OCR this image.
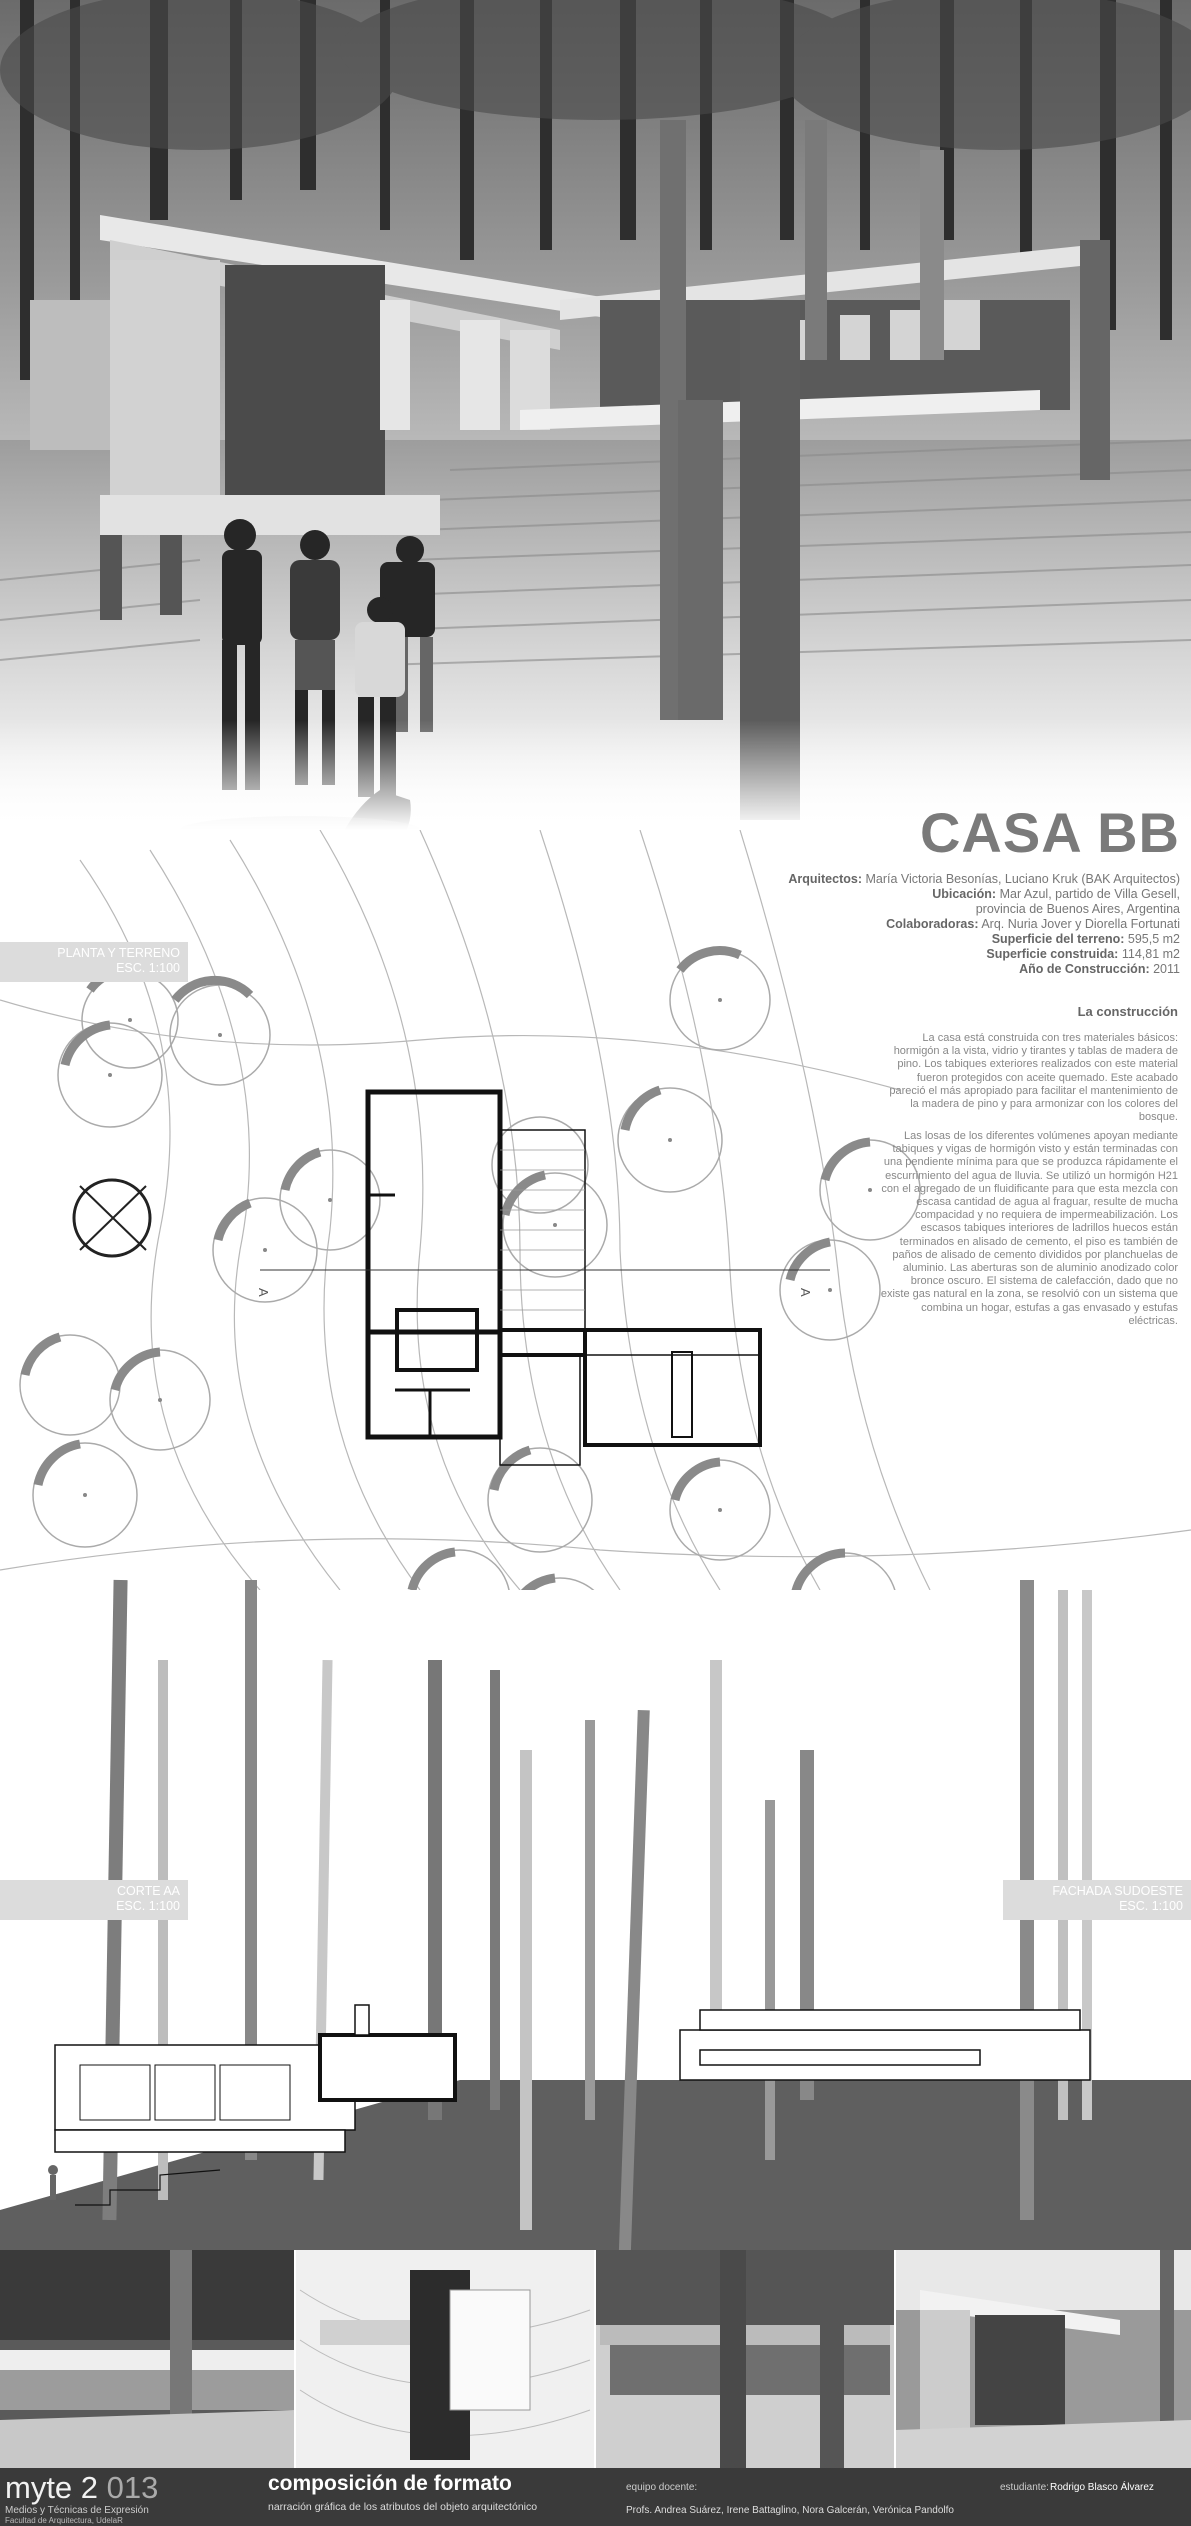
CASA BB
Arquitectos: María Victoria Besonías, Luciano Kruk (BAK Arquitectos)
Ubicación: Mar Azul, partido de Villa Gesell,
provincia de Buenos Aires, Argentina
Colaboradoras: Arq. Nuria Jover y Diorella Fortunati
Superficie del terreno: 595,5 m2
Superficie construida: 114,81 m2
Año de Construcción: 2011
A	A
PLANTA Y TERRENO
ESC. 1:100
La construcción
La casa está construida con tres materiales básicos: hormigón a la vista, vidrio y tirantes y tablas de madera de pino. Los tabiques exteriores realizados con este material fueron protegidos con aceite quemado. Este acabado pareció el más apropiado para facilitar el mantenimiento de la madera de pino y para armonizar con los colores del bosque.
Las losas de los diferentes volúmenes apoyan mediante tabiques y vigas de hormigón visto y están terminadas con una pendiente mínima para que se produzca rápidamente el escurrimiento del agua de lluvia. Se utilizó un hormigón H21 con el agregado de un fluidificante para que esta mezcla con escasa cantidad de agua al fraguar, resulte de mucha compacidad y no requiera de impermeabilización. Los escasos tabiques interiores de ladrillos huecos están terminados en alisado de cemento, el piso es también de paños de alisado de cemento divididos por planchuelas de aluminio. Las aberturas son de aluminio anodizado color bronce oscuro. El sistema de calefacción, dado que no existe gas natural en la zona, se resolvió con un sistema que combina un hogar, estufas a gas envasado y estufas eléctricas.
CORTE AA
ESC. 1:100
FACHADA SUDOESTE
ESC. 1:100
myte 2 013
Medios y Técnicas de Expresión
Facultad de Arquitectura, UdelaR
composición de formato
narración gráfica de los atributos del objeto arquitectónico
equipo docente:
Profs. Andrea Suárez, Irene Battaglino, Nora Galcerán, Verónica Pandolfo
estudiante: Rodrigo Blasco Álvarez
